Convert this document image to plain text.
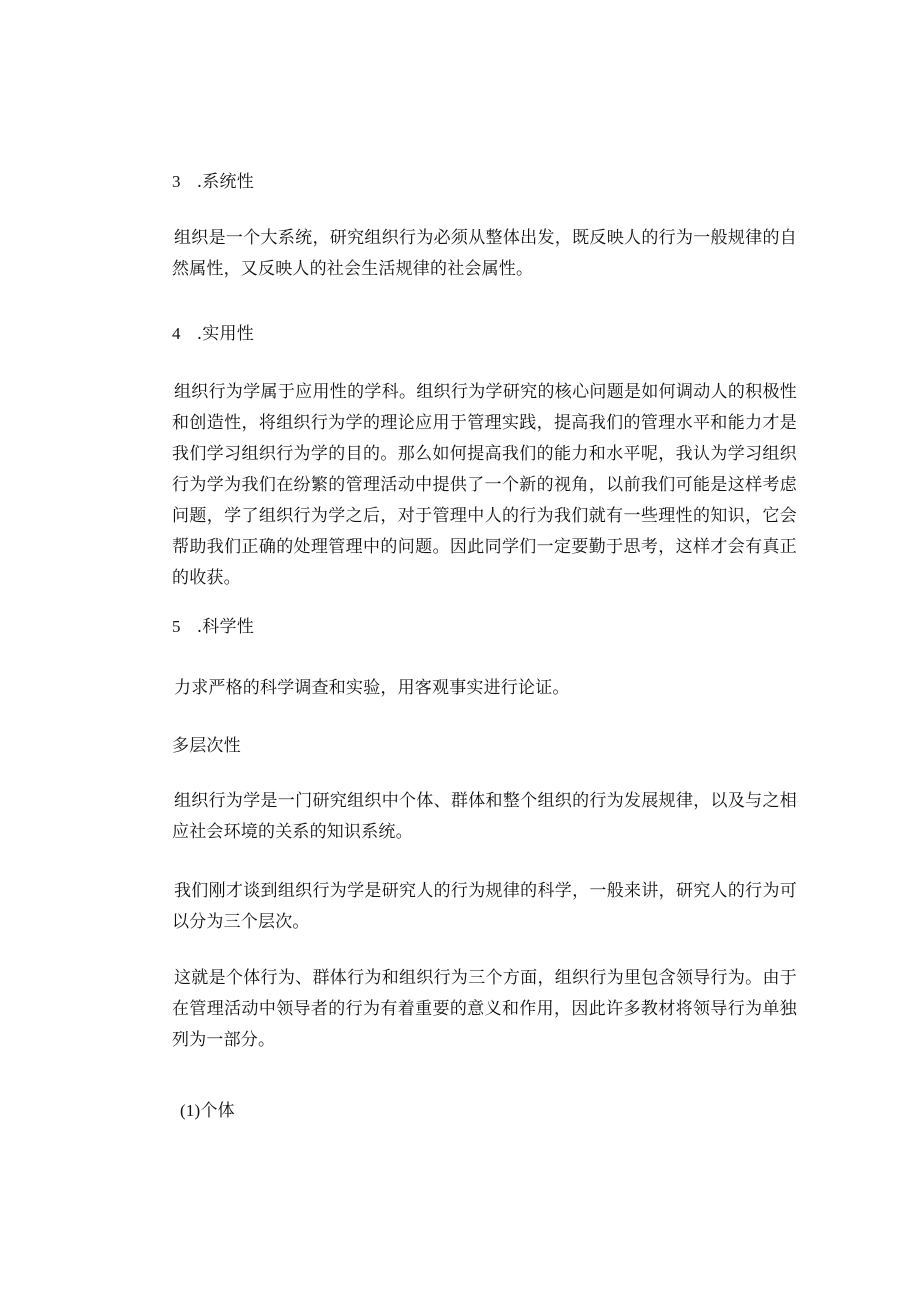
3 .系统性

组织是一个大系统，研究组织行为必须从整体出发，既反映人的行为一般规律的自然属性，又反映人的社会生活规律的社会属性。

4 .实用性

组织行为学属于应用性的学科。组织行为学研究的核心问题是如何调动人的积极性和创造性，将组织行为学的理论应用于管理实践，提高我们的管理水平和能力才是我们学习组织行为学的目的。那么如何提高我们的能力和水平呢，我认为学习组织行为学为我们在纷繁的管理活动中提供了一个新的视角，以前我们可能是这样考虑问题，学了组织行为学之后，对于管理中人的行为我们就有一些理性的知识，它会帮助我们正确的处理管理中的问题。因此同学们一定要勤于思考，这样才会有真正的收获。

5 .科学性

力求严格的科学调查和实验，用客观事实进行论证。

多层次性

组织行为学是一门研究组织中个体、群体和整个组织的行为发展规律，以及与之相应社会环境的关系的知识系统。

我们刚才谈到组织行为学是研究人的行为规律的科学，一般来讲，研究人的行为可以分为三个层次。

这就是个体行为、群体行为和组织行为三个方面，组织行为里包含领导行为。由于在管理活动中领导者的行为有着重要的意义和作用，因此许多教材将领导行为单独列为一部分。

(1)个体
